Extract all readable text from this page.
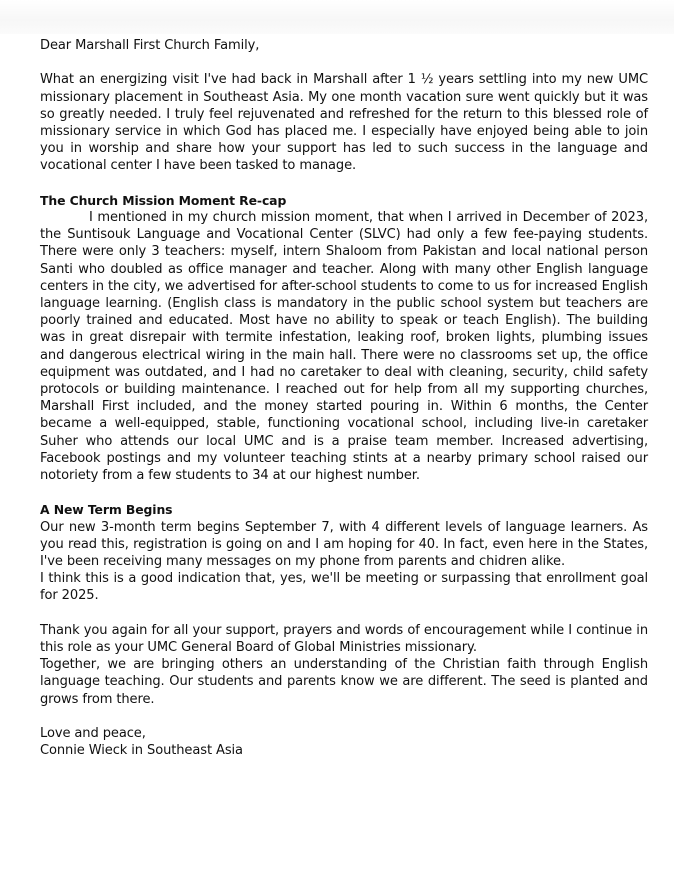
Dear Marshall First Church Family,

What an energizing visit I've had back in Marshall after 1 ½ years settling into my new UMC missionary placement in Southeast Asia. My one month vacation sure went quickly but it was so greatly needed. I truly feel rejuvenated and refreshed for the return to this blessed role of missionary service in which God has placed me. I especially have enjoyed being able to join you in worship and share how your support has led to such success in the language and vocational center I have been tasked to manage.

The Church Mission Moment Re-cap

I mentioned in my church mission moment, that when I arrived in December of 2023, the Suntisouk Language and Vocational Center (SLVC) had only a few fee-paying students. There were only 3 teachers: myself, intern Shaloom from Pakistan and local national person Santi who doubled as office manager and teacher. Along with many other English language centers in the city, we advertised for after-school students to come to us for increased English language learning. (English class is mandatory in the public school system but teachers are poorly trained and educated. Most have no ability to speak or teach English). The building was in great disrepair with termite infestation, leaking roof, broken lights, plumbing issues and dangerous electrical wiring in the main hall. There were no classrooms set up, the office equipment was outdated, and I had no caretaker to deal with cleaning, security, child safety protocols or building maintenance. I reached out for help from all my supporting churches, Marshall First included, and the money started pouring in. Within 6 months, the Center became a well-equipped, stable, functioning vocational school, including live-in caretaker Suher who attends our local UMC and is a praise team member. Increased advertising, Facebook postings and my volunteer teaching stints at a nearby primary school raised our notoriety from a few students to 34 at our highest number.

A New Term Begins

Our new 3-month term begins September 7, with 4 different levels of language learners. As you read this, registration is going on and I am hoping for 40. In fact, even here in the States, I've been receiving many messages on my phone from parents and chidren alike.

I think this is a good indication that, yes, we'll be meeting or surpassing that enrollment goal for 2025.

Thank you again for all your support, prayers and words of encouragement while I continue in this role as your UMC General Board of Global Ministries missionary.

Together, we are bringing others an understanding of the Christian faith through English language teaching. Our students and parents know we are different. The seed is planted and grows from there.

Love and peace,

Connie Wieck in Southeast Asia
